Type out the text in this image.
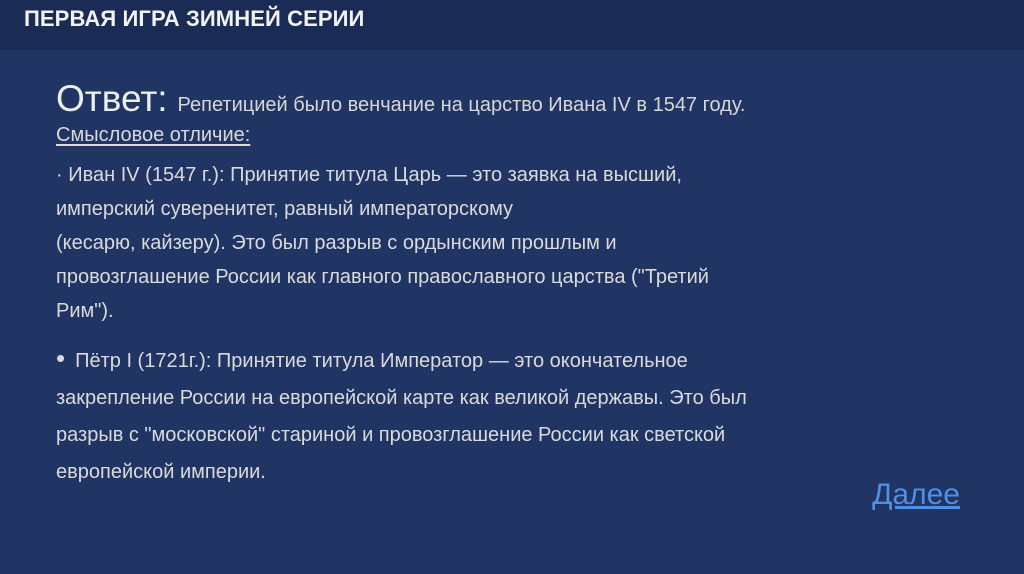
ПЕРВАЯ ИГРА ЗИМНЕЙ СЕРИИ
Ответ: Репетицией было венчание на царство Ивана IV в 1547 году.
Смысловое отличие:
· Иван IV (1547 г.): Принятие титула Царь — это заявка на высший,
имперский суверенитет, равный императорскому
(кесарю, кайзеру). Это был разрыв с ордынским прошлым и
провозглашение России как главного православного царства ("Третий
Рим").
• Пётр I (1721г.): Принятие титула Император — это окончательное
закрепление России на европейской карте как великой державы. Это был
разрыв с "московской" стариной и провозглашение России как светской
европейской империи.
Далее
